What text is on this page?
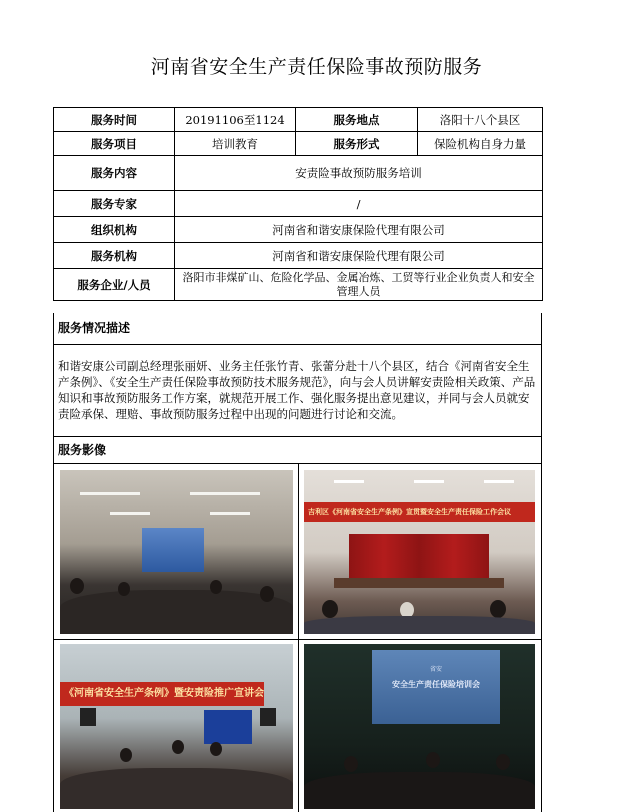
河南省安全生产责任保险事故预防服务
服务时间	20191106至1124	服务地点	洛阳十八个县区
服务项目	培训教育	服务形式	保险机构自身力量
服务内容	安责险事故预防服务培训		
服务专家	/		
组织机构	河南省和谐安康保险代理有限公司		
服务机构	河南省和谐安康保险代理有限公司		
服务企业/人员	洛阳市非煤矿山、危险化学品、金属冶炼、工贸等行业企业负责人和安全管理人员		
服务情况描述
和谐安康公司副总经理张丽妍、业务主任张竹青、张蕾分赴十八个县区，结合《河南省安全生产条例》、《安全生产责任保险事故预防技术服务规范》，向与会人员讲解安责险相关政策、产品知识和事故预防服务工作方案，就规范开展工作、强化服务提出意见建议，并同与会人员就安责险承保、理赔、事故预防服务过程中出现的问题进行讨论和交流。
服务影像
吉利区《河南省安全生产条例》宣贯暨安全生产责任保险工作会议
《河南省安全生产条例》暨安责险推广宣讲会
省安
安全生产责任保险培训会
